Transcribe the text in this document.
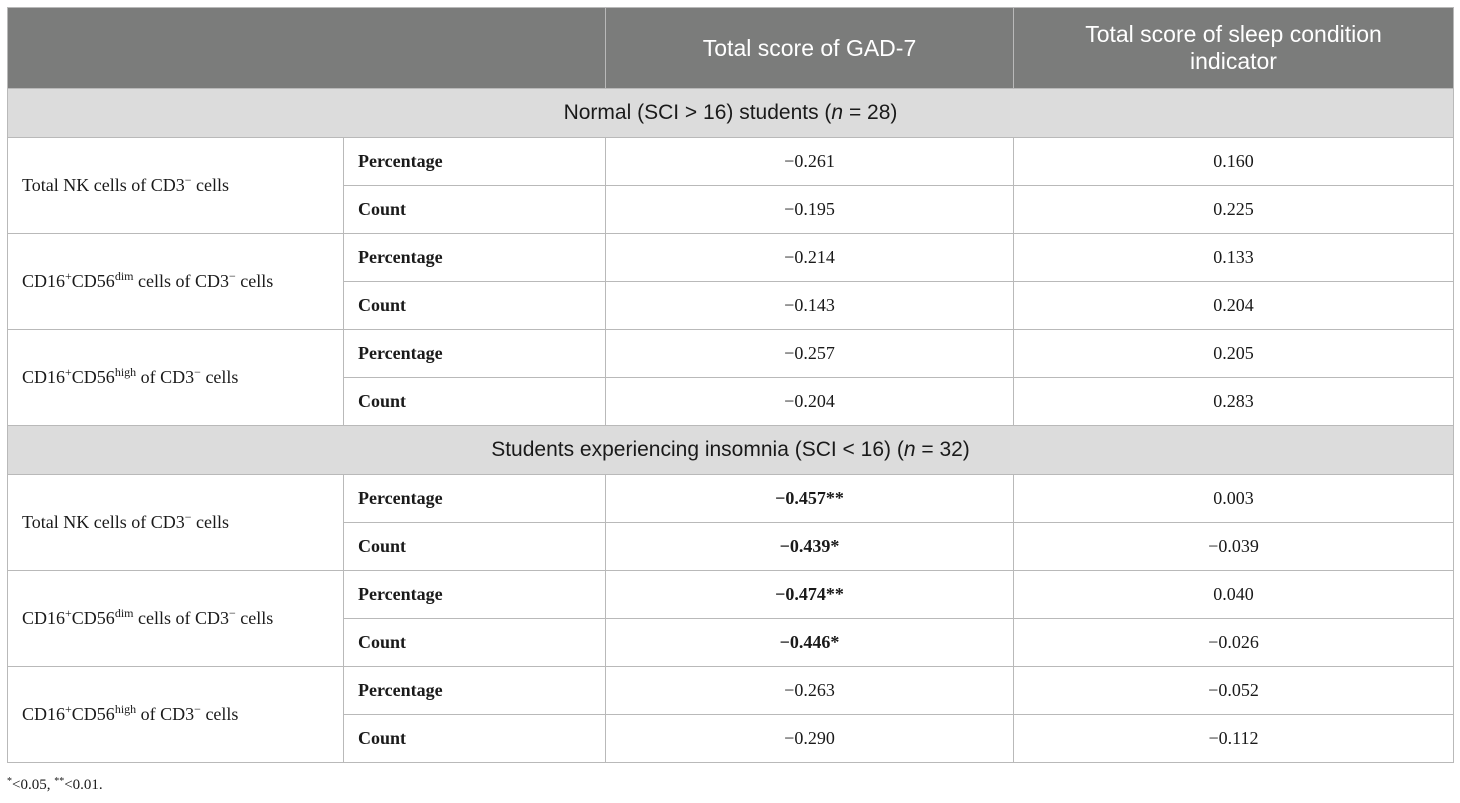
		Total score of GAD-7	Total score of sleep condition indicator
Normal (SCI > 16) students (n = 28)			
Total NK cells of CD3− cells	Percentage	−0.261	0.160
	Count	−0.195	0.225
$CD16^+CD56^{dim}$ cells of CD3− cells	Percentage	−0.214	0.133
	Count	−0.143	0.204
$CD16^+CD56^{high}$ of CD3− cells	Percentage	−0.257	0.205
	Count	−0.204	0.283
Students experiencing insomnia (SCI < 16) (n = 32)			
Total NK cells of CD3− cells	Percentage	−0.457**	0.003
	Count	−0.439*	−0.039
$CD16^+CD56^{dim}$ cells of CD3− cells	Percentage	−0.474**	0.040
	Count	−0.446*	−0.026
$CD16^+CD56^{high}$ of CD3− cells	Percentage	−0.263	−0.052
	Count	−0.290	−0.112
*<0.05, **<0.01.
